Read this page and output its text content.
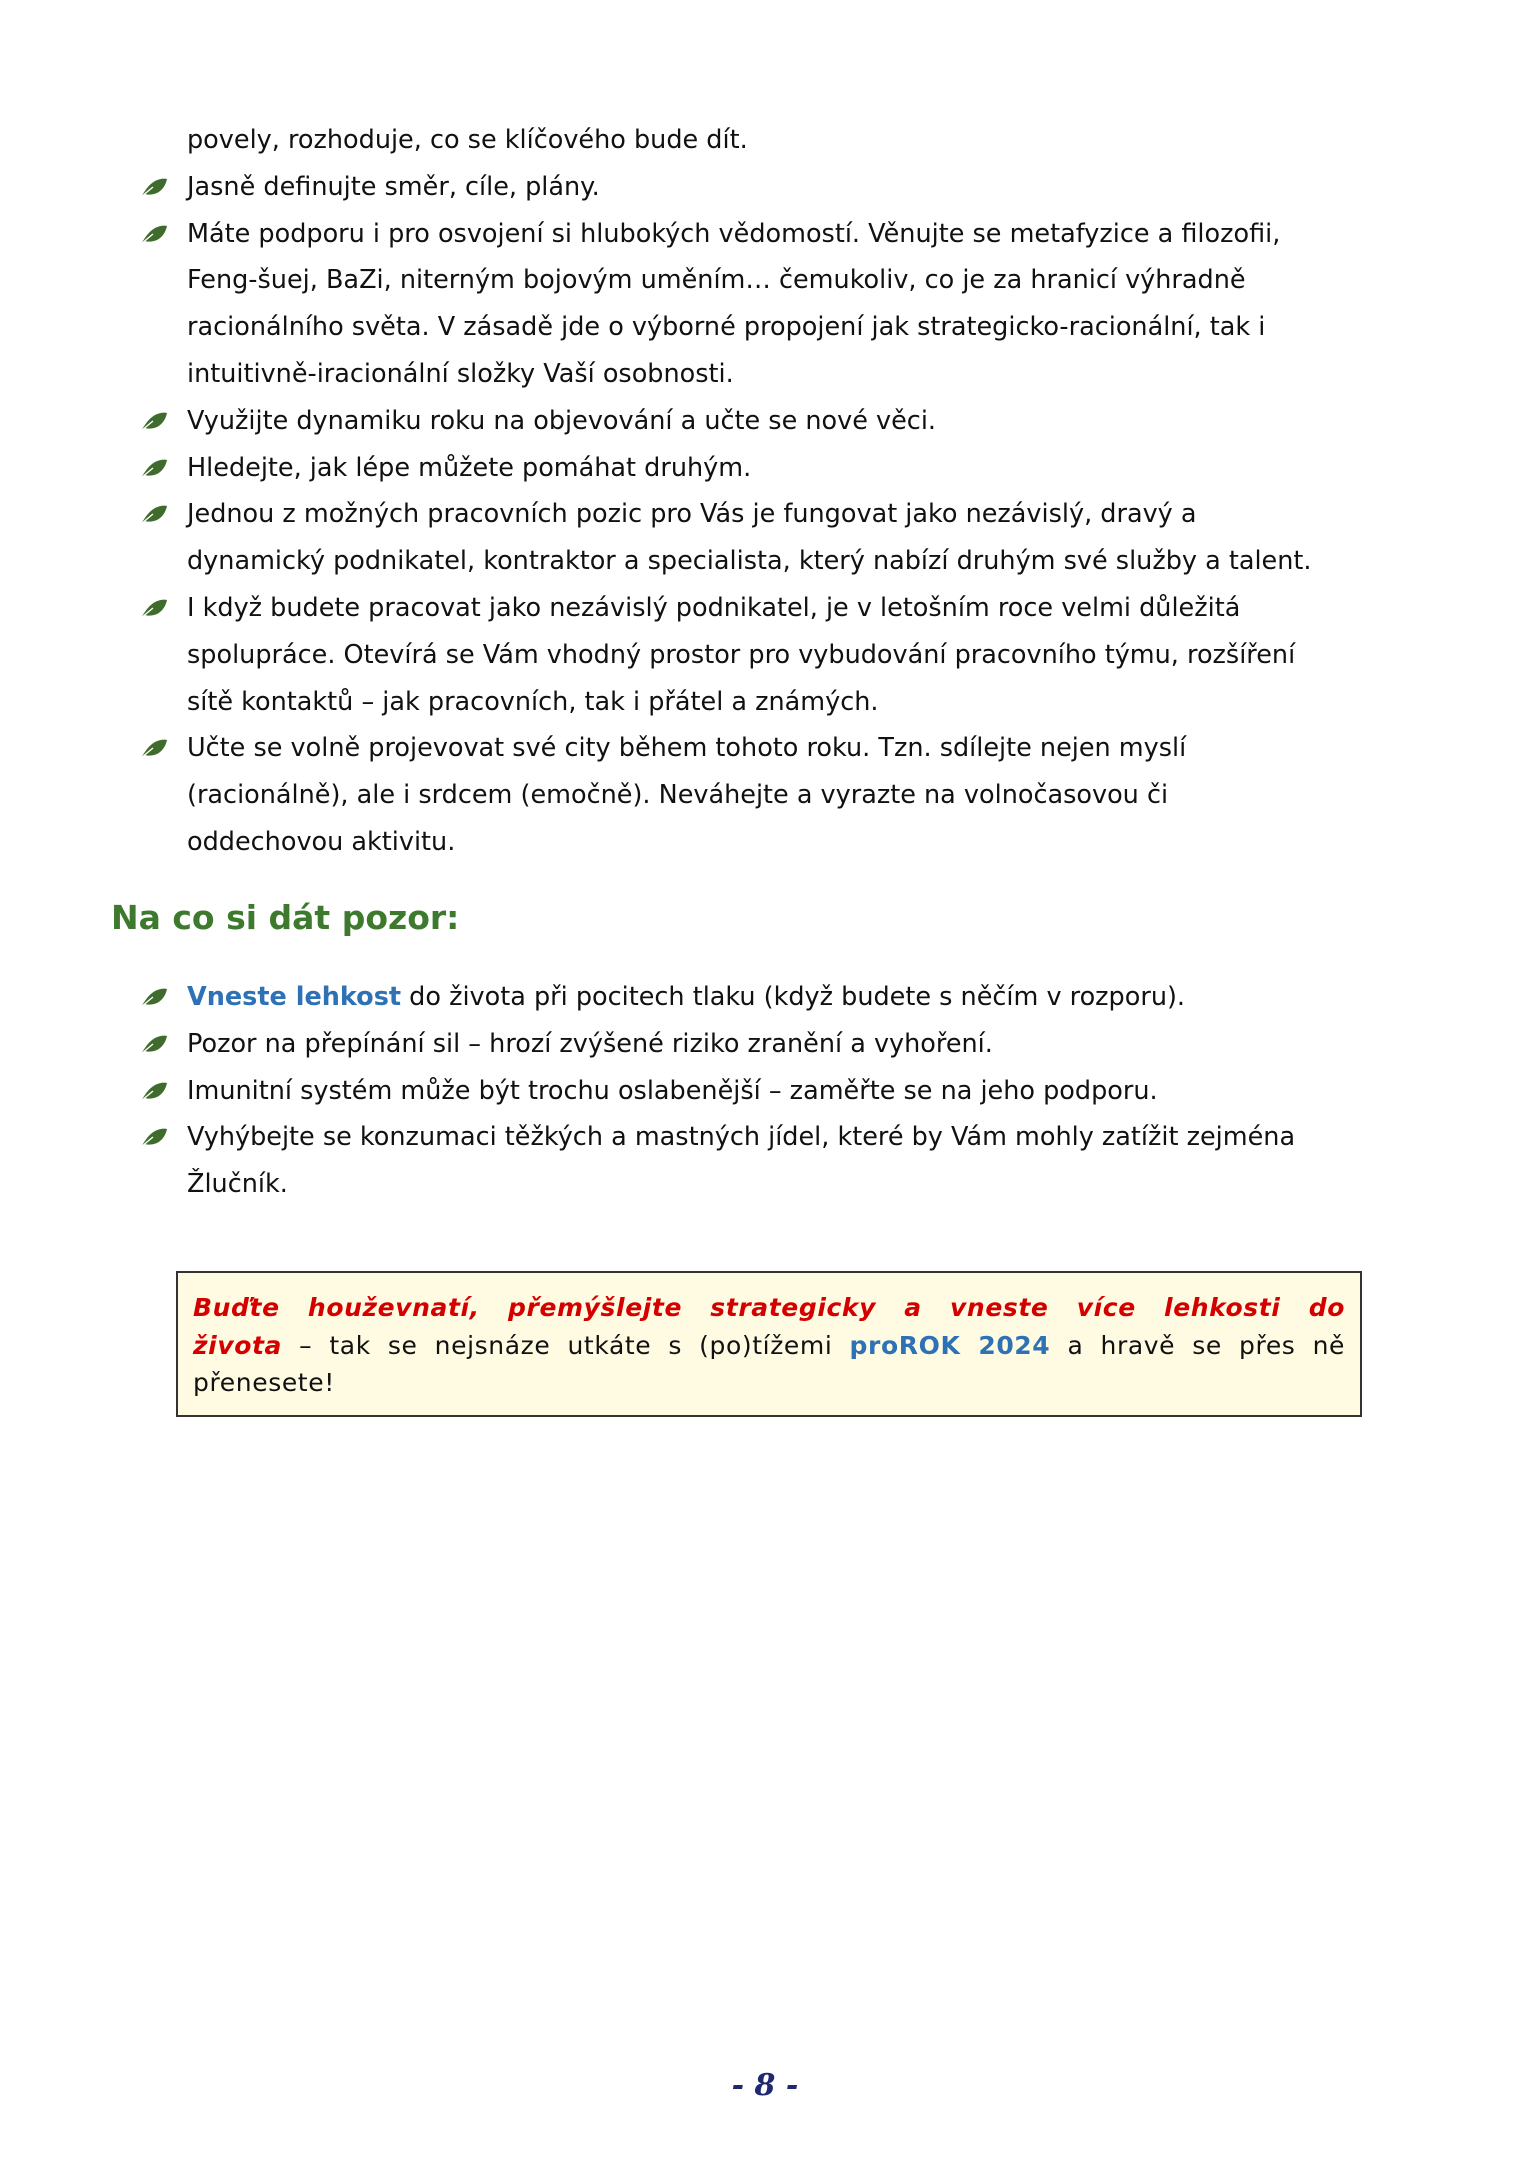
povely, rozhoduje, co se klíčového bude dít.
Jasně definujte směr, cíle, plány.
Máte podporu i pro osvojení si hlubokých vědomostí. Věnujte se metafyzice a filozofii,
Feng-šuej, BaZi, niterným bojovým uměním… čemukoliv, co je za hranicí výhradně
racionálního světa. V zásadě jde o výborné propojení jak strategicko-racionální, tak i
intuitivně-iracionální složky Vaší osobnosti.
Využijte dynamiku roku na objevování a učte se nové věci.
Hledejte, jak lépe můžete pomáhat druhým.
Jednou z možných pracovních pozic pro Vás je fungovat jako nezávislý, dravý a
dynamický podnikatel, kontraktor a specialista, který nabízí druhým své služby a talent.
I když budete pracovat jako nezávislý podnikatel, je v letošním roce velmi důležitá
spolupráce. Otevírá se Vám vhodný prostor pro vybudování pracovního týmu, rozšíření
sítě kontaktů – jak pracovních, tak i přátel a známých.
Učte se volně projevovat své city během tohoto roku. Tzn. sdílejte nejen myslí
(racionálně), ale i srdcem (emočně). Neváhejte a vyrazte na volnočasovou či
oddechovou aktivitu.
Na co si dát pozor:
Vneste lehkost do života při pocitech tlaku (když budete s něčím v rozporu).
Pozor na přepínání sil – hrozí zvýšené riziko zranění a vyhoření.
Imunitní systém může být trochu oslabenější – zaměřte se na jeho podporu.
Vyhýbejte se konzumaci těžkých a mastných jídel, které by Vám mohly zatížit zejména
Žlučník.
Buďte houževnatí, přemýšlejte strategicky a vneste více lehkosti do
života – tak se nejsnáze utkáte s (po)tížemi proROK 2024 a hravě se přes ně
přenesete!
- 8 -
